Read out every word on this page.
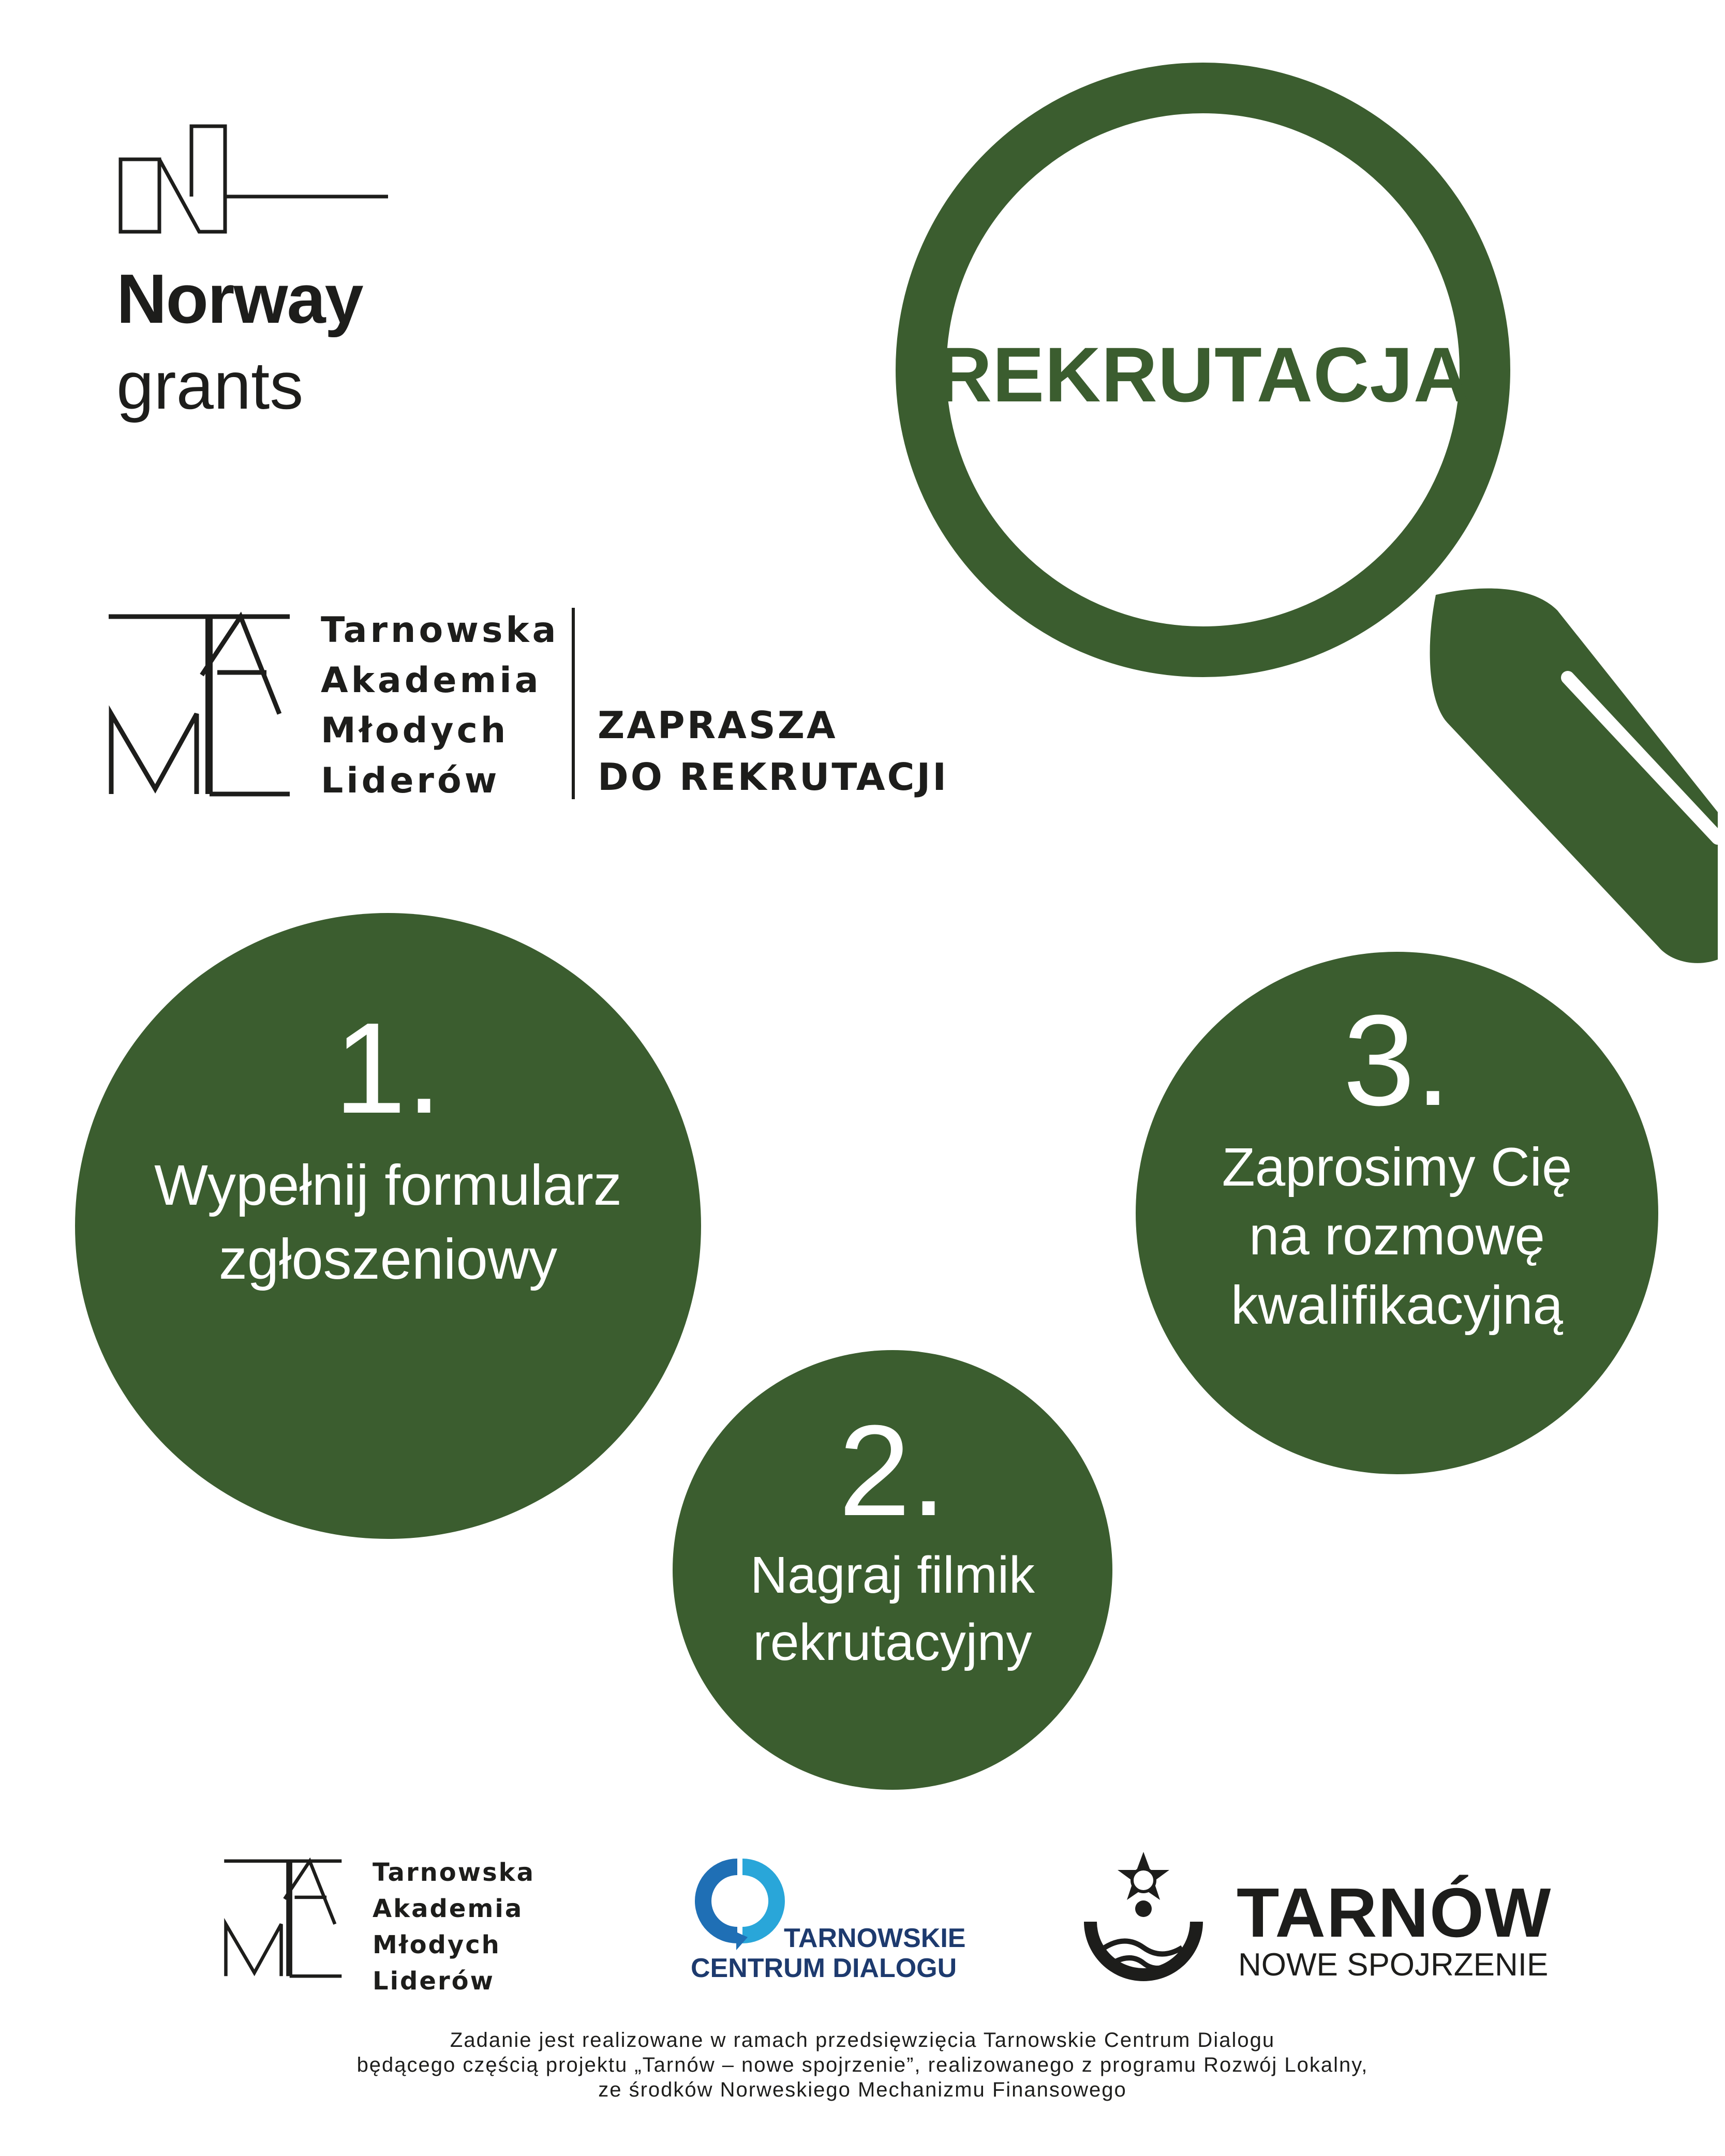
Norway
grants	REKRUTACJA
Tarnowska
Akademia
Młodych
Liderów
ZAPRASZA
DO REKRUTACJI
1.
Wypełnij formularz
zgłoszeniowy
2.
Nagraj filmik
rekrutacyjny
3.
Zaprosimy Cię
na rozmowę
kwalifikacyjną
Tarnowska
Akademia
Młodych
Liderów
TARNOWSKIE
CENTRUM DIALOGU
TARNÓW
NOWE SPOJRZENIE
Zadanie jest realizowane w ramach przedsięwzięcia Tarnowskie Centrum Dialogu
będącego częścią projektu „Tarnów – nowe spojrzenie”, realizowanego z programu Rozwój Lokalny,
ze środków Norweskiego Mechanizmu Finansowego
